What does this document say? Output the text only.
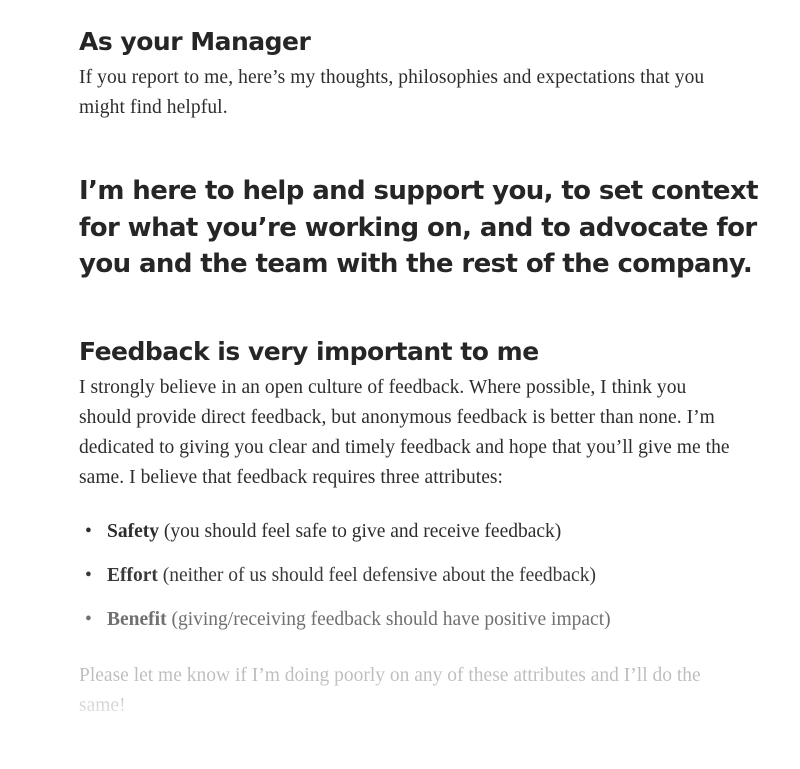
As your Manager

If you report to me, here’s my thoughts, philosophies and expectations that you might find helpful.

I’m here to help and support you, to set context for what you’re working on, and to advocate for you and the team with the rest of the company.
Feedback is very important to me

I strongly believe in an open culture of feedback. Where possible, I think you should provide direct feedback, but anonymous feedback is better than none. I’m dedicated to giving you clear and timely feedback and hope that you’ll give me the same. I believe that feedback requires three attributes:

• Safety (you should feel safe to give and receive feedback)
• Effort (neither of us should feel defensive about the feedback)
• Benefit (giving/receiving feedback should have positive impact)

Please let me know if I’m doing poorly on any of these attributes and I’ll do the same!
